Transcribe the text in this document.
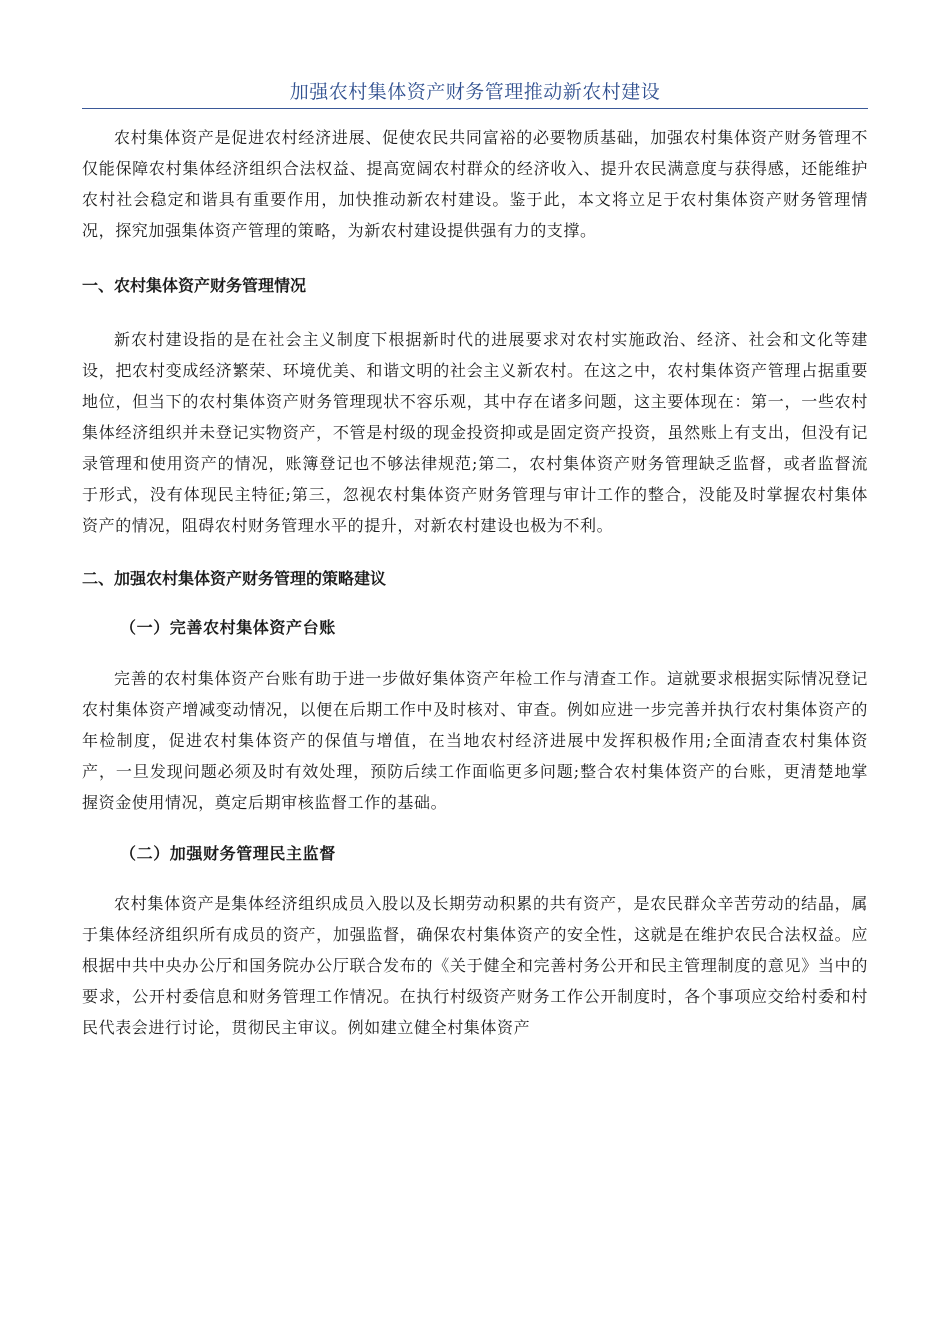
加强农村集体资产财务管理推动新农村建设

农村集体资产是促进农村经济进展、促使农民共同富裕的必要物质基础，加强农村集体资产财务管理不仅能保障农村集体经济组织合法权益、提高宽阔农村群众的经济收入、提升农民满意度与获得感，还能维护农村社会稳定和谐具有重要作用，加快推动新农村建设。鉴于此，本文将立足于农村集体资产财务管理情况，探究加强集体资产管理的策略，为新农村建设提供强有力的支撑。

一、农村集体资产财务管理情况

新农村建设指的是在社会主义制度下根据新时代的进展要求对农村实施政治、经济、社会和文化等建设，把农村变成经济繁荣、环境优美、和谐文明的社会主义新农村。在这之中，农村集体资产管理占据重要地位，但当下的农村集体资产财务管理现状不容乐观，其中存在诸多问题，这主要体现在：第一，一些农村集体经济组织并未登记实物资产，不管是村级的现金投资抑或是固定资产投资，虽然账上有支出，但没有记录管理和使用资产的情况，账簿登记也不够法律规范;第二，农村集体资产财务管理缺乏监督，或者监督流于形式，没有体现民主特征;第三，忽视农村集体资产财务管理与审计工作的整合，没能及时掌握农村集体资产的情况，阻碍农村财务管理水平的提升，对新农村建设也极为不利。

二、加强农村集体资产财务管理的策略建议
（一）完善农村集体资产台账

完善的农村集体资产台账有助于进一步做好集体资产年检工作与清查工作。這就要求根据实际情况登记农村集体资产增减变动情况，以便在后期工作中及时核对、审查。例如应进一步完善并执行农村集体资产的年检制度，促进农村集体资产的保值与增值，在当地农村经济进展中发挥积极作用;全面清查农村集体资产，一旦发现问题必须及时有效处理，预防后续工作面临更多问题;整合农村集体资产的台账，更清楚地掌握资金使用情况，奠定后期审核监督工作的基础。

（二）加强财务管理民主监督

农村集体资产是集体经济组织成员入股以及长期劳动积累的共有资产，是农民群众辛苦劳动的结晶，属于集体经济组织所有成员的资产，加强监督，确保农村集体资产的安全性，这就是在维护农民合法权益。应根据中共中央办公厅和国务院办公厅联合发布的《关于健全和完善村务公开和民主管理制度的意见》当中的要求，公开村委信息和财务管理工作情况。在执行村级资产财务工作公开制度时，各个事项应交给村委和村民代表会进行讨论，贯彻民主审议。例如建立健全村集体资产
